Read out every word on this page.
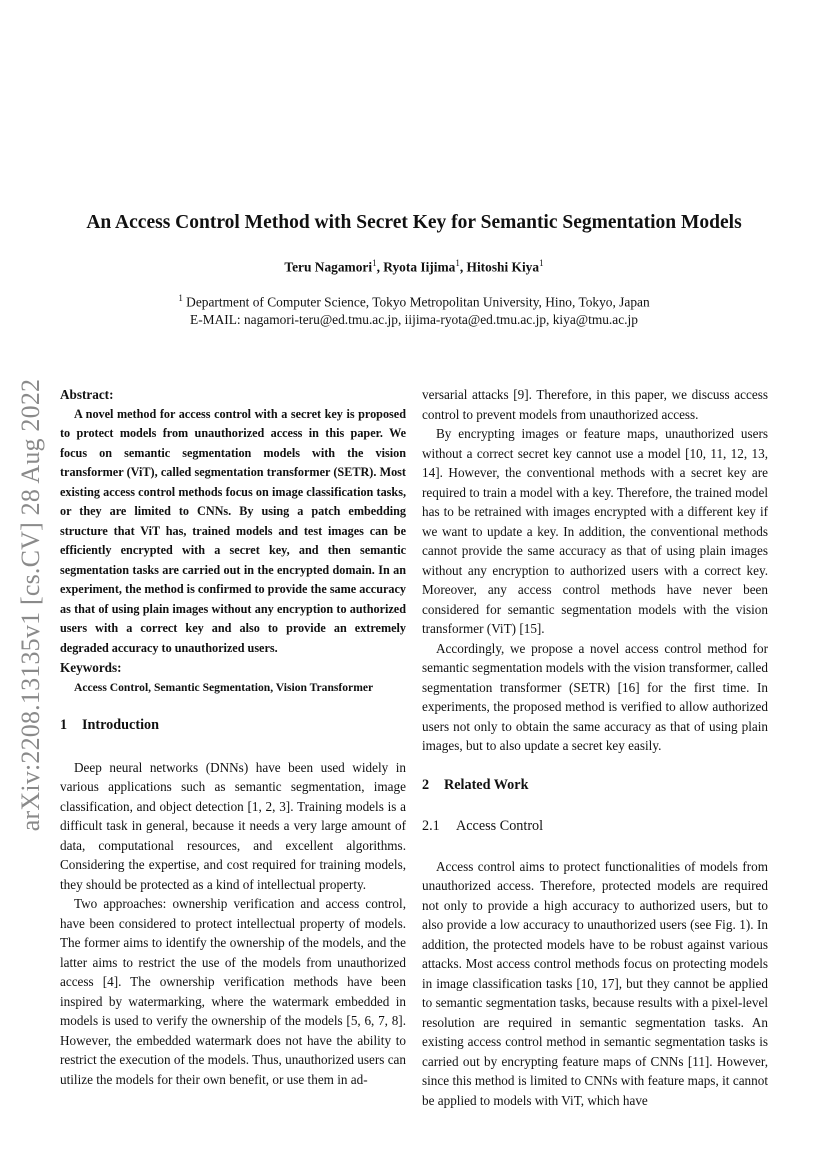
arXiv:2208.13135v1 [cs.CV] 28 Aug 2022
An Access Control Method with Secret Key for Semantic Segmentation Models
Teru Nagamori$^1$, Ryota Iijima$^1$, Hitoshi Kiya$^1$
$^1$ Department of Computer Science, Tokyo Metropolitan University, Hino, Tokyo, Japan
E-MAIL: nagamori-teru@ed.tmu.ac.jp, iijima-ryota@ed.tmu.ac.jp, kiya@tmu.ac.jp
Abstract:

A novel method for access control with a secret key is proposed to protect models from unauthorized access in this paper. We focus on semantic segmentation models with the vision transformer (ViT), called segmentation transformer (SETR). Most existing access control methods focus on image classification tasks, or they are limited to CNNs. By using a patch embedding structure that ViT has, trained models and test images can be efficiently encrypted with a secret key, and then semantic segmentation tasks are carried out in the encrypted domain. In an experiment, the method is confirmed to provide the same accuracy as that of using plain images without any encryption to authorized users with a correct key and also to provide an extremely degraded accuracy to unauthorized users.

Keywords:

Access Control, Semantic Segmentation, Vision Transformer

1 Introduction

Deep neural networks (DNNs) have been used widely in various applications such as semantic segmentation, image classification, and object detection [1, 2, 3]. Training models is a difficult task in general, because it needs a very large amount of data, computational resources, and excellent algorithms. Considering the expertise, and cost required for training models, they should be protected as a kind of intellectual property.

Two approaches: ownership verification and access control, have been considered to protect intellectual property of models. The former aims to identify the ownership of the models, and the latter aims to restrict the use of the models from unauthorized access [4]. The ownership verification methods have been inspired by watermarking, where the watermark embedded in models is used to verify the ownership of the models [5, 6, 7, 8]. However, the embedded watermark does not have the ability to restrict the execution of the models. Thus, unauthorized users can utilize the models for their own benefit, or use them in ad-

versarial attacks [9]. Therefore, in this paper, we discuss access control to prevent models from unauthorized access.

By encrypting images or feature maps, unauthorized users without a correct secret key cannot use a model [10, 11, 12, 13, 14]. However, the conventional methods with a secret key are required to train a model with a key. Therefore, the trained model has to be retrained with images encrypted with a different key if we want to update a key. In addition, the conventional methods cannot provide the same accuracy as that of using plain images without any encryption to authorized users with a correct key. Moreover, any access control methods have never been considered for semantic segmentation models with the vision transformer (ViT) [15].

Accordingly, we propose a novel access control method for semantic segmentation models with the vision transformer, called segmentation transformer (SETR) [16] for the first time. In experiments, the proposed method is verified to allow authorized users not only to obtain the same accuracy as that of using plain images, but to also update a secret key easily.

2 Related Work
2.1 Access Control

Access control aims to protect functionalities of models from unauthorized access. Therefore, protected models are required not only to provide a high accuracy to authorized users, but to also provide a low accuracy to unauthorized users (see Fig. 1). In addition, the protected models have to be robust against various attacks. Most access control methods focus on protecting models in image classification tasks [10, 17], but they cannot be applied to semantic segmentation tasks, because results with a pixel-level resolution are required in semantic segmentation tasks. An existing access control method in semantic segmentation tasks is carried out by encrypting feature maps of CNNs [11]. However, since this method is limited to CNNs with feature maps, it cannot be applied to models with ViT, which have
